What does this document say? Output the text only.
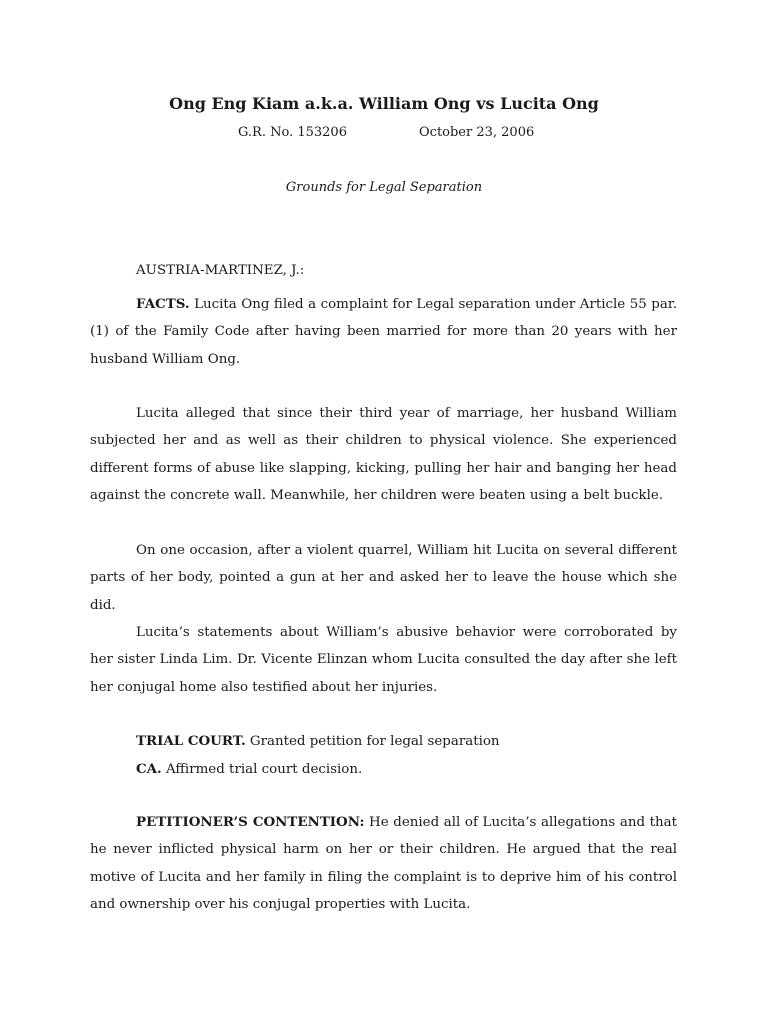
Ong Eng Kiam a.k.a. William Ong vs Lucita Ong
G.R. No. 153206	October 23, 2006

Grounds for Legal Separation

AUSTRIA-MARTINEZ, J.:

FACTS. Lucita Ong filed a complaint for Legal separation under Article 55 par. (1) of the Family Code after having been married for more than 20 years with her husband William Ong.

Lucita alleged that since their third year of marriage, her husband William subjected her and as well as their children to physical violence. She experienced different forms of abuse like slapping, kicking, pulling her hair and banging her head against the concrete wall. Meanwhile, her children were beaten using a belt buckle.

On one occasion, after a violent quarrel, William hit Lucita on several different parts of her body, pointed a gun at her and asked her to leave the house which she did.

Lucita’s statements about William’s abusive behavior were corroborated by her sister Linda Lim. Dr. Vicente Elinzan whom Lucita consulted the day after she left her conjugal home also testified about her injuries.

TRIAL COURT. Granted petition for legal separation

CA. Affirmed trial court decision.

PETITIONER’S CONTENTION: He denied all of Lucita’s allegations and that he never inflicted physical harm on her or their children. He argued that the real motive of Lucita and her family in filing the complaint is to deprive him of his control and ownership over his conjugal properties with Lucita.
